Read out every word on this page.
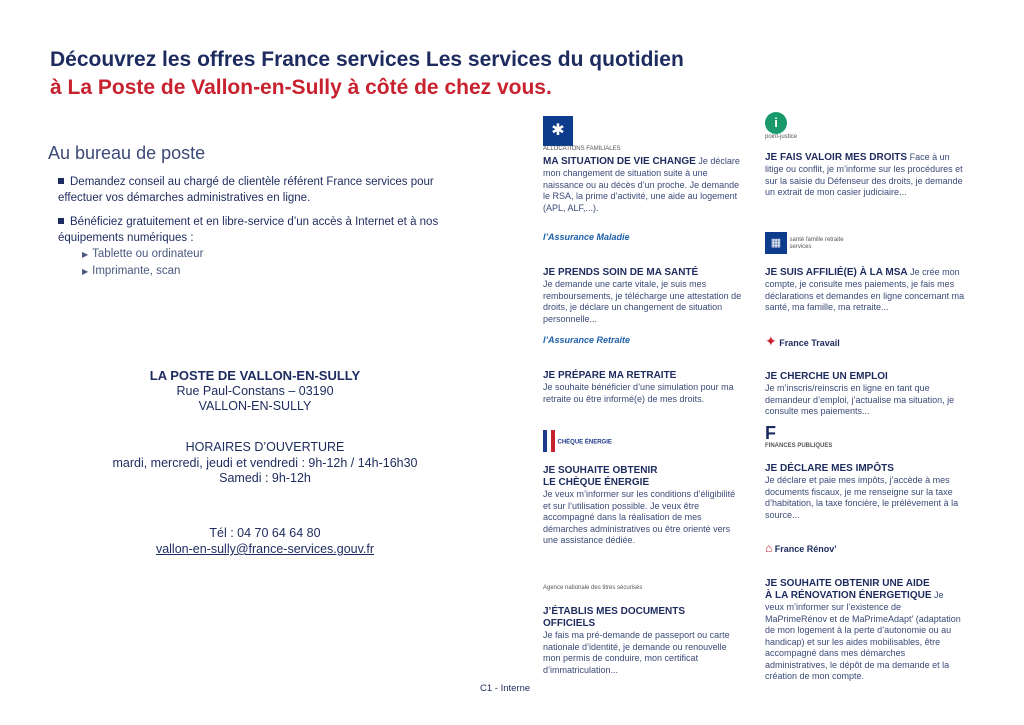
Découvrez les offres France services Les services du quotidien
à La Poste de Vallon-en-Sully à côté de chez vous.
Au bureau de poste

Demandez conseil au chargé de clientèle référent France services pour effectuer vos démarches administratives en ligne.

Bénéficiez gratuitement et en libre-service d’un accès à Internet et à nos équipements numériques :

▶ Tablette ou ordinateur
▶ Imprimante, scan
LA POSTE DE VALLON-EN-SULLY
Rue Paul-Constans – 03190
VALLON-EN-SULLY
HORAIRES D’OUVERTURE
mardi, mercredi, jeudi et vendredi : 9h-12h / 14h-16h30
Samedi : 9h-12h
Tél : 04 70 64 64 80
vallon-en-sully@france-services.gouv.fr
✱
ALLOCATIONS FAMILIALES
MA SITUATION DE VIE CHANGE Je déclare mon changement de situation suite à une naissance ou au décès d’un proche. Je demande le RSA, la prime d’activité, une aide au logement (APL, ALF,...).
l’Assurance Maladie
JE PRENDS SOIN DE MA SANTÉ
Je demande une carte vitale, je suis mes remboursements, je télécharge une attestation de droits, je déclare un changement de situation personnelle...
l’Assurance Retraite
JE PRÉPARE MA RETRAITE
Je souhaite bénéficier d’une simulation pour ma retraite ou être informé(e) de mes droits.
CHÈQUE ÉNERGIE
JE SOUHAITE OBTENIR
LE CHÈQUE ÉNERGIE
Je veux m’informer sur les conditions d’éligibilité et sur l’utilisation possible. Je veux être accompagné dans la réalisation de mes démarches administratives ou être orienté vers une assistance dédiée.
Agence nationale des titres sécurisés
J’ÉTABLIS MES DOCUMENTS
OFFICIELS
Je fais ma pré-demande de passeport ou carte nationale d’identité, je demande ou renouvelle mon permis de conduire, mon certificat d’immatriculation...
i
point-justice
JE FAIS VALOIR MES DROITS Face à un litige ou conflit, je m’informe sur les procédures et sur la saisie du Défenseur des droits, je demande un extrait de mon casier judiciaire...
▦ santé famille retraite services
JE SUIS AFFILIÉ(E) À LA MSA Je crée mon compte, je consulte mes paiements, je fais mes déclarations et demandes en ligne concernant ma santé, ma famille, ma retraite...
✦ France Travail
JE CHERCHE UN EMPLOI
Je m’inscris/reinscris en ligne en tant que demandeur d’emploi, j’actualise ma situation, je consulte mes paiements...
F
FINANCES PUBLIQUES
JE DÉCLARE MES IMPÔTS
Je déclare et paie mes impôts, j’accède à mes documents fiscaux, je me renseigne sur la taxe d’habitation, la taxe foncière, le prélèvement à la source...
⌂ France Rénov’
JE SOUHAITE OBTENIR UNE AIDE
À LA RÉNOVATION ÉNERGETIQUE Je veux m’informer sur l’existence de MaPrimeRénov et de MaPrimeAdapt’ (adaptation de mon logement à la perte d’autonomie ou au handicap) et sur les aides mobilisables, être accompagné dans mes démarches administratives, le dépôt de ma demande et la création de mon compte.
C1 - Interne
